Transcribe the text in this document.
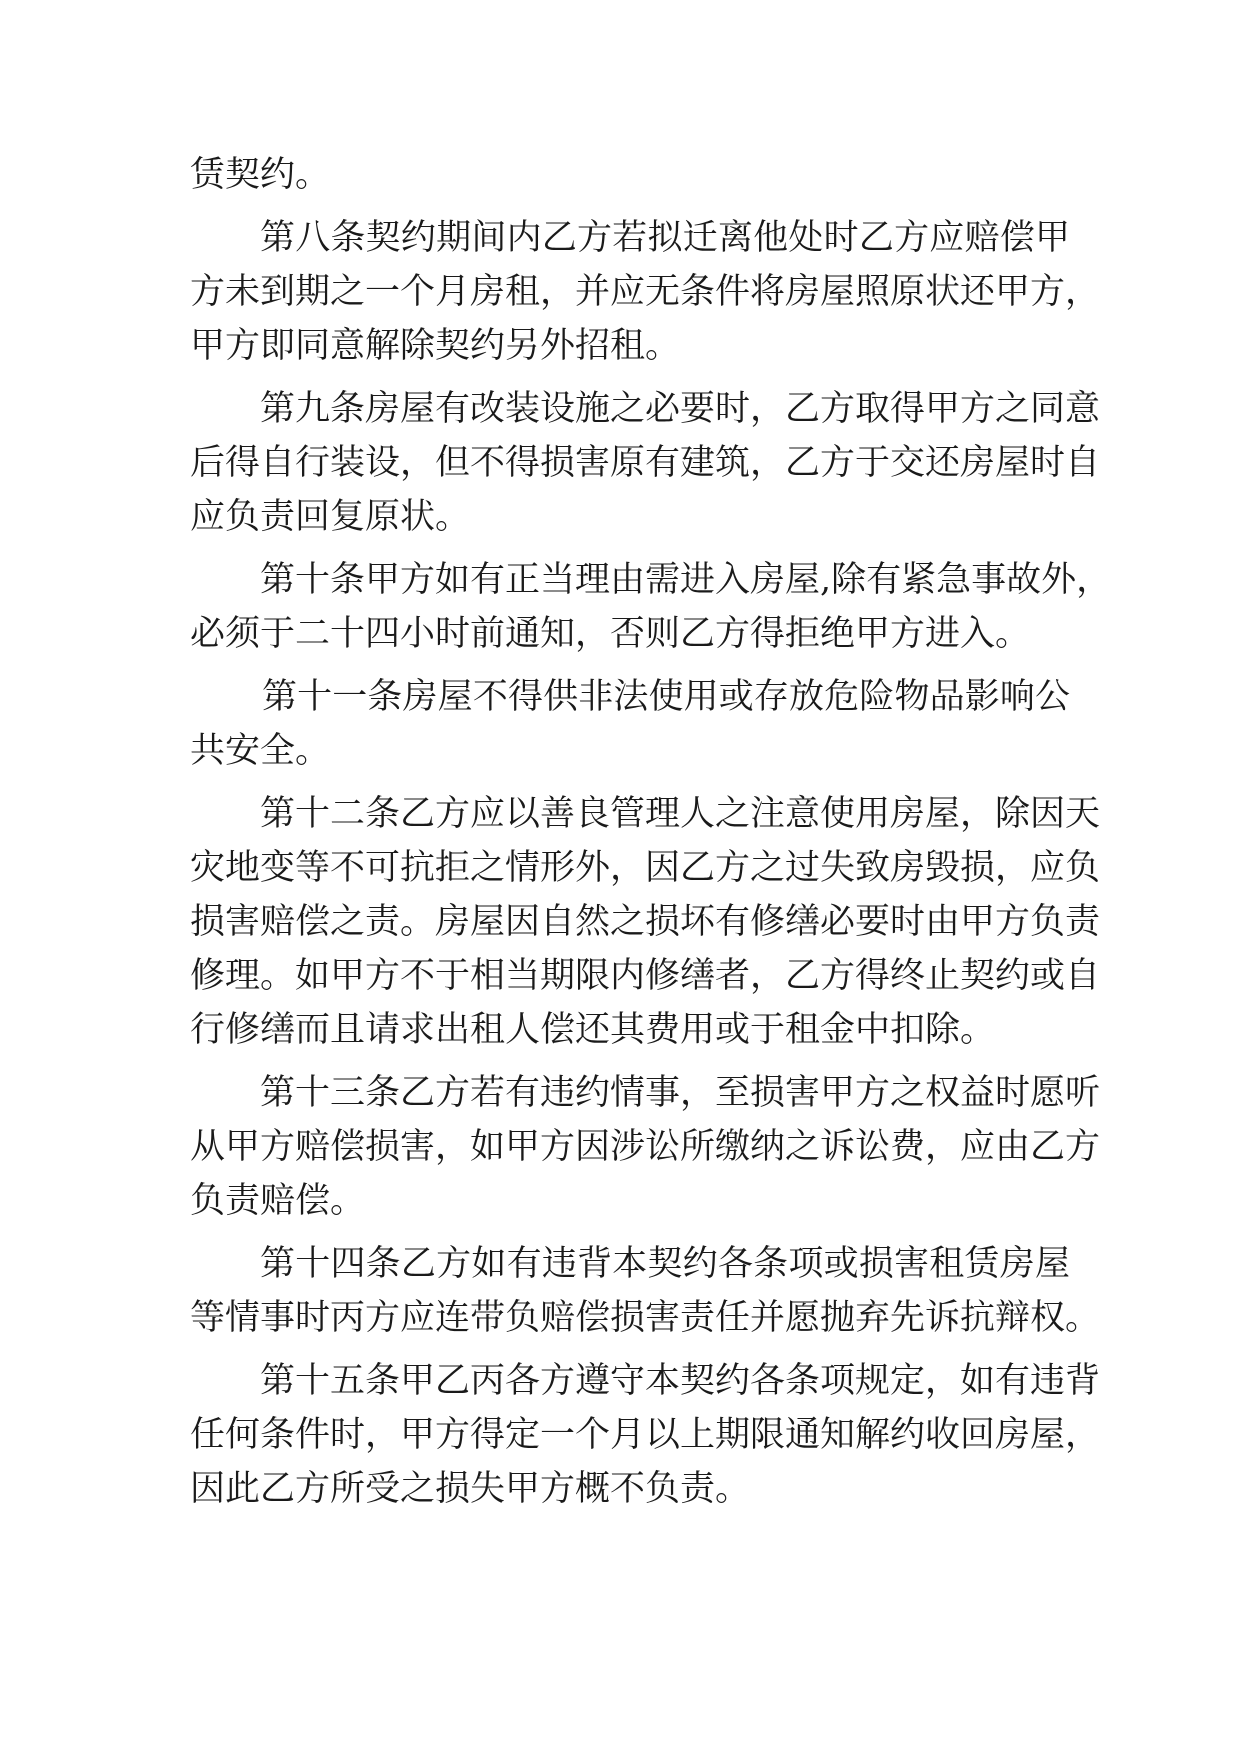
赁契约。
第八条契约期间内乙方若拟迁离他处时乙方应赔偿甲
方未到期之一个月房租，并应无条件将房屋照原状还甲方，
甲方即同意解除契约另外招租。
第九条房屋有改装设施之必要时，乙方取得甲方之同意
后得自行装设，但不得损害原有建筑，乙方于交还房屋时自
应负责回复原状。
第十条甲方如有正当理由需进入房屋,除有紧急事故外，
必须于二十四小时前通知，否则乙方得拒绝甲方进入。
第十一条房屋不得供非法使用或存放危险物品影响公
共安全。
第十二条乙方应以善良管理人之注意使用房屋，除因天
灾地变等不可抗拒之情形外，因乙方之过失致房毁损，应负
损害赔偿之责。房屋因自然之损坏有修缮必要时由甲方负责
修理。如甲方不于相当期限内修缮者，乙方得终止契约或自
行修缮而且请求出租人偿还其费用或于租金中扣除。
第十三条乙方若有违约情事，至损害甲方之权益时愿听
从甲方赔偿损害，如甲方因涉讼所缴纳之诉讼费，应由乙方
负责赔偿。
第十四条乙方如有违背本契约各条项或损害租赁房屋
等情事时丙方应连带负赔偿损害责任并愿抛弃先诉抗辩权。
第十五条甲乙丙各方遵守本契约各条项规定，如有违背
任何条件时，甲方得定一个月以上期限通知解约收回房屋，
因此乙方所受之损失甲方概不负责。
